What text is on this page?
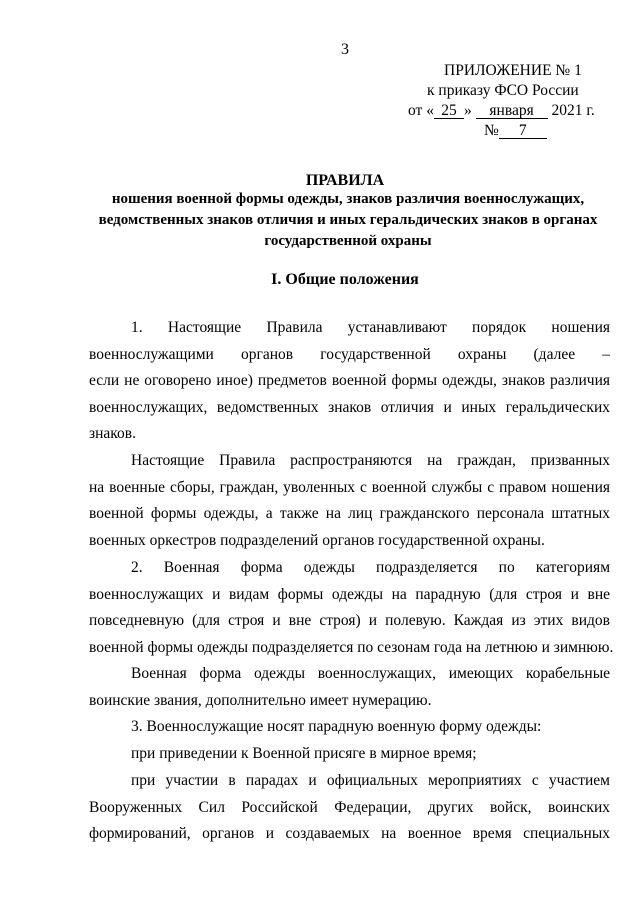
3
ПРИЛОЖЕНИЕ № 1
к приказу ФСО России
от « 25 » января 2021 г.
№ 7
ПРАВИЛА
ношения военной формы одежды, знаков различия военнослужащих,
ведомственных знаков отличия и иных геральдических знаков в органах
государственной охраны
I. Общие положения
1. Настоящие Правила устанавливают порядок ношения
военнослужащими органов государственной охраны (далее –
если не оговорено иное) предметов военной формы одежды, знаков различия
военнослужащих, ведомственных знаков отличия и иных геральдических
знаков.
Настоящие Правила распространяются на граждан, призванных
на военные сборы, граждан, уволенных с военной службы с правом ношения
военной формы одежды, а также на лиц гражданского персонала штатных
военных оркестров подразделений органов государственной охраны.
2. Военная форма одежды подразделяется по категориям
военнослужащих и видам формы одежды на парадную (для строя и вне
повседневную (для строя и вне строя) и полевую. Каждая из этих видов
военной формы одежды подразделяется по сезонам года на летнюю и зимнюю.
Военная форма одежды военнослужащих, имеющих корабельные
воинские звания, дополнительно имеет нумерацию.
3. Военнослужащие носят парадную военную форму одежды:
при приведении к Военной присяге в мирное время;
при участии в парадах и официальных мероприятиях с участием
Вооруженных Сил Российской Федерации, других войск, воинских
формирований, органов и создаваемых на военное время специальных
